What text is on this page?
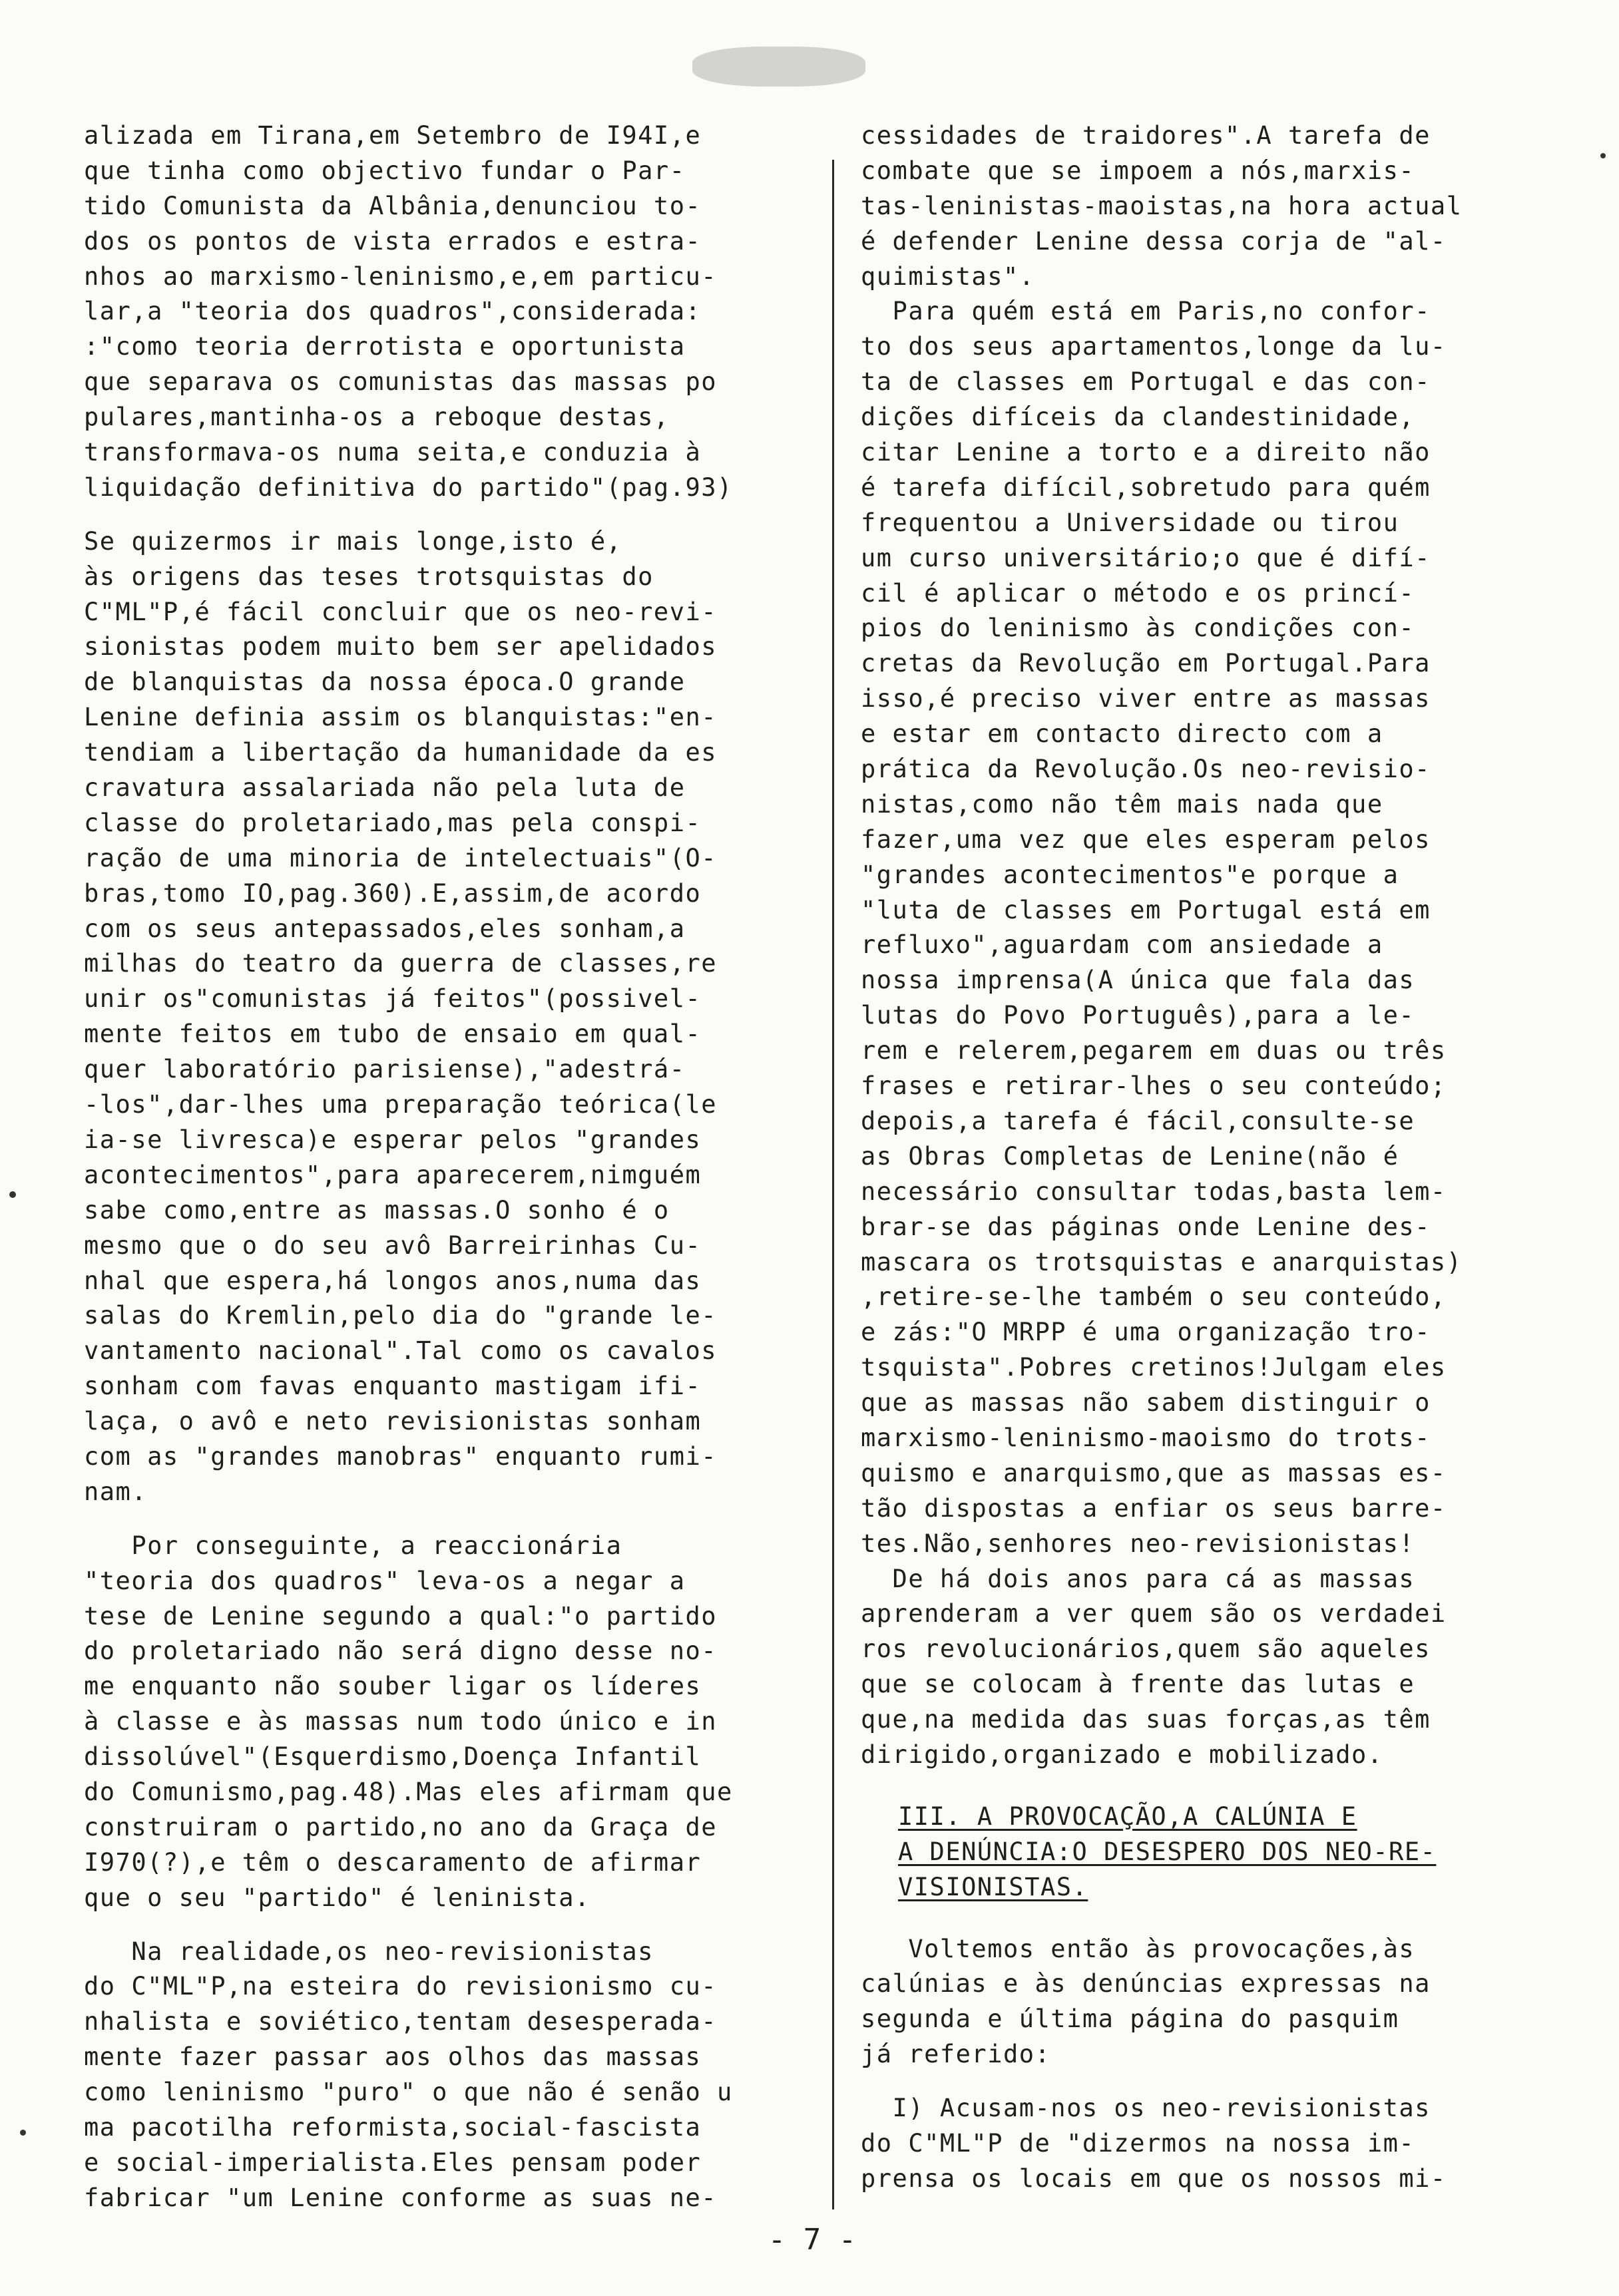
alizada em Tirana,em Setembro de I94I,e
que tinha como objectivo fundar o Par-
tido Comunista da Albânia,denunciou to-
dos os pontos de vista errados e estra-
nhos ao marxismo-leninismo,e,em particu-
lar,a "teoria dos quadros",considerada:
:"como teoria derrotista e oportunista
que separava os comunistas das massas po
pulares,mantinha-os a reboque destas,
transformava-os numa seita,e conduzia à
liquidação definitiva do partido"(pag.93)
Se quizermos ir mais longe,isto é,
às origens das teses trotsquistas do
C"ML"P,é fácil concluir que os neo-revi-
sionistas podem muito bem ser apelidados
de blanquistas da nossa época.O grande
Lenine definia assim os blanquistas:"en-
tendiam a libertação da humanidade da es
cravatura assalariada não pela luta de
classe do proletariado,mas pela conspi-
ração de uma minoria de intelectuais"(O-
bras,tomo IO,pag.360).E,assim,de acordo
com os seus antepassados,eles sonham,a
milhas do teatro da guerra de classes,re
unir os"comunistas já feitos"(possivel-
mente feitos em tubo de ensaio em qual-
quer laboratório parisiense),"adestrá-
-los",dar-lhes uma preparação teórica(le
ia-se livresca)e esperar pelos "grandes
acontecimentos",para aparecerem,nimguém
sabe como,entre as massas.O sonho é o
mesmo que o do seu avô Barreirinhas Cu-
nhal que espera,há longos anos,numa das
salas do Kremlin,pelo dia do "grande le-
vantamento nacional".Tal como os cavalos
sonham com favas enquanto mastigam ifi-
laça, o avô e neto revisionistas sonham
com as "grandes manobras" enquanto rumi-
nam.
Por conseguinte, a reaccionária
"teoria dos quadros" leva-os a negar a
tese de Lenine segundo a qual:"o partido
do proletariado não será digno desse no-
me enquanto não souber ligar os líderes
à classe e às massas num todo único e in
dissolúvel"(Esquerdismo,Doença Infantil
do Comunismo,pag.48).Mas eles afirmam que
construiram o partido,no ano da Graça de
I970(?),e têm o descaramento de afirmar
que o seu "partido" é leninista.
Na realidade,os neo-revisionistas
do C"ML"P,na esteira do revisionismo cu-
nhalista e soviético,tentam desesperada-
mente fazer passar aos olhos das massas
como leninismo "puro" o que não é senão u
ma pacotilha reformista,social-fascista
e social-imperialista.Eles pensam poder
fabricar "um Lenine conforme as suas ne-
cessidades de traidores".A tarefa de
combate que se impoem a nós,marxis-
tas-leninistas-maoistas,na hora actual
é defender Lenine dessa corja de "al-
quimistas".
Para quém está em Paris,no confor-
to dos seus apartamentos,longe da lu-
ta de classes em Portugal e das con-
dições difíceis da clandestinidade,
citar Lenine a torto e a direito não
é tarefa difícil,sobretudo para quém
frequentou a Universidade ou tirou
um curso universitário;o que é difí-
cil é aplicar o método e os princí-
pios do leninismo às condições con-
cretas da Revolução em Portugal.Para
isso,é preciso viver entre as massas
e estar em contacto directo com a
prática da Revolução.Os neo-revisio-
nistas,como não têm mais nada que
fazer,uma vez que eles esperam pelos
"grandes acontecimentos"e porque a
"luta de classes em Portugal está em
refluxo",aguardam com ansiedade a
nossa imprensa(A única que fala das
lutas do Povo Português),para a le-
rem e relerem,pegarem em duas ou três
frases e retirar-lhes o seu conteúdo;
depois,a tarefa é fácil,consulte-se
as Obras Completas de Lenine(não é
necessário consultar todas,basta lem-
brar-se das páginas onde Lenine des-
mascara os trotsquistas e anarquistas)
,retire-se-lhe também o seu conteúdo,
e zás:"O MRPP é uma organização tro-
tsquista".Pobres cretinos!Julgam eles
que as massas não sabem distinguir o
marxismo-leninismo-maoismo do trots-
quismo e anarquismo,que as massas es-
tão dispostas a enfiar os seus barre-
tes.Não,senhores neo-revisionistas!
De há dois anos para cá as massas
aprenderam a ver quem são os verdadei
ros revolucionários,quem são aqueles
que se colocam à frente das lutas e
que,na medida das suas forças,as têm
dirigido,organizado e mobilizado.
III. A PROVOCAÇÃO,A CALÚNIA E
A DENÚNCIA:O DESESPERO DOS NEO-RE-
VISIONISTAS.
Voltemos então às provocações,às
calúnias e às denúncias expressas na
segunda e última página do pasquim
já referido:
I) Acusam-nos os neo-revisionistas
do C"ML"P de "dizermos na nossa im-
prensa os locais em que os nossos mi-
- 7 -
